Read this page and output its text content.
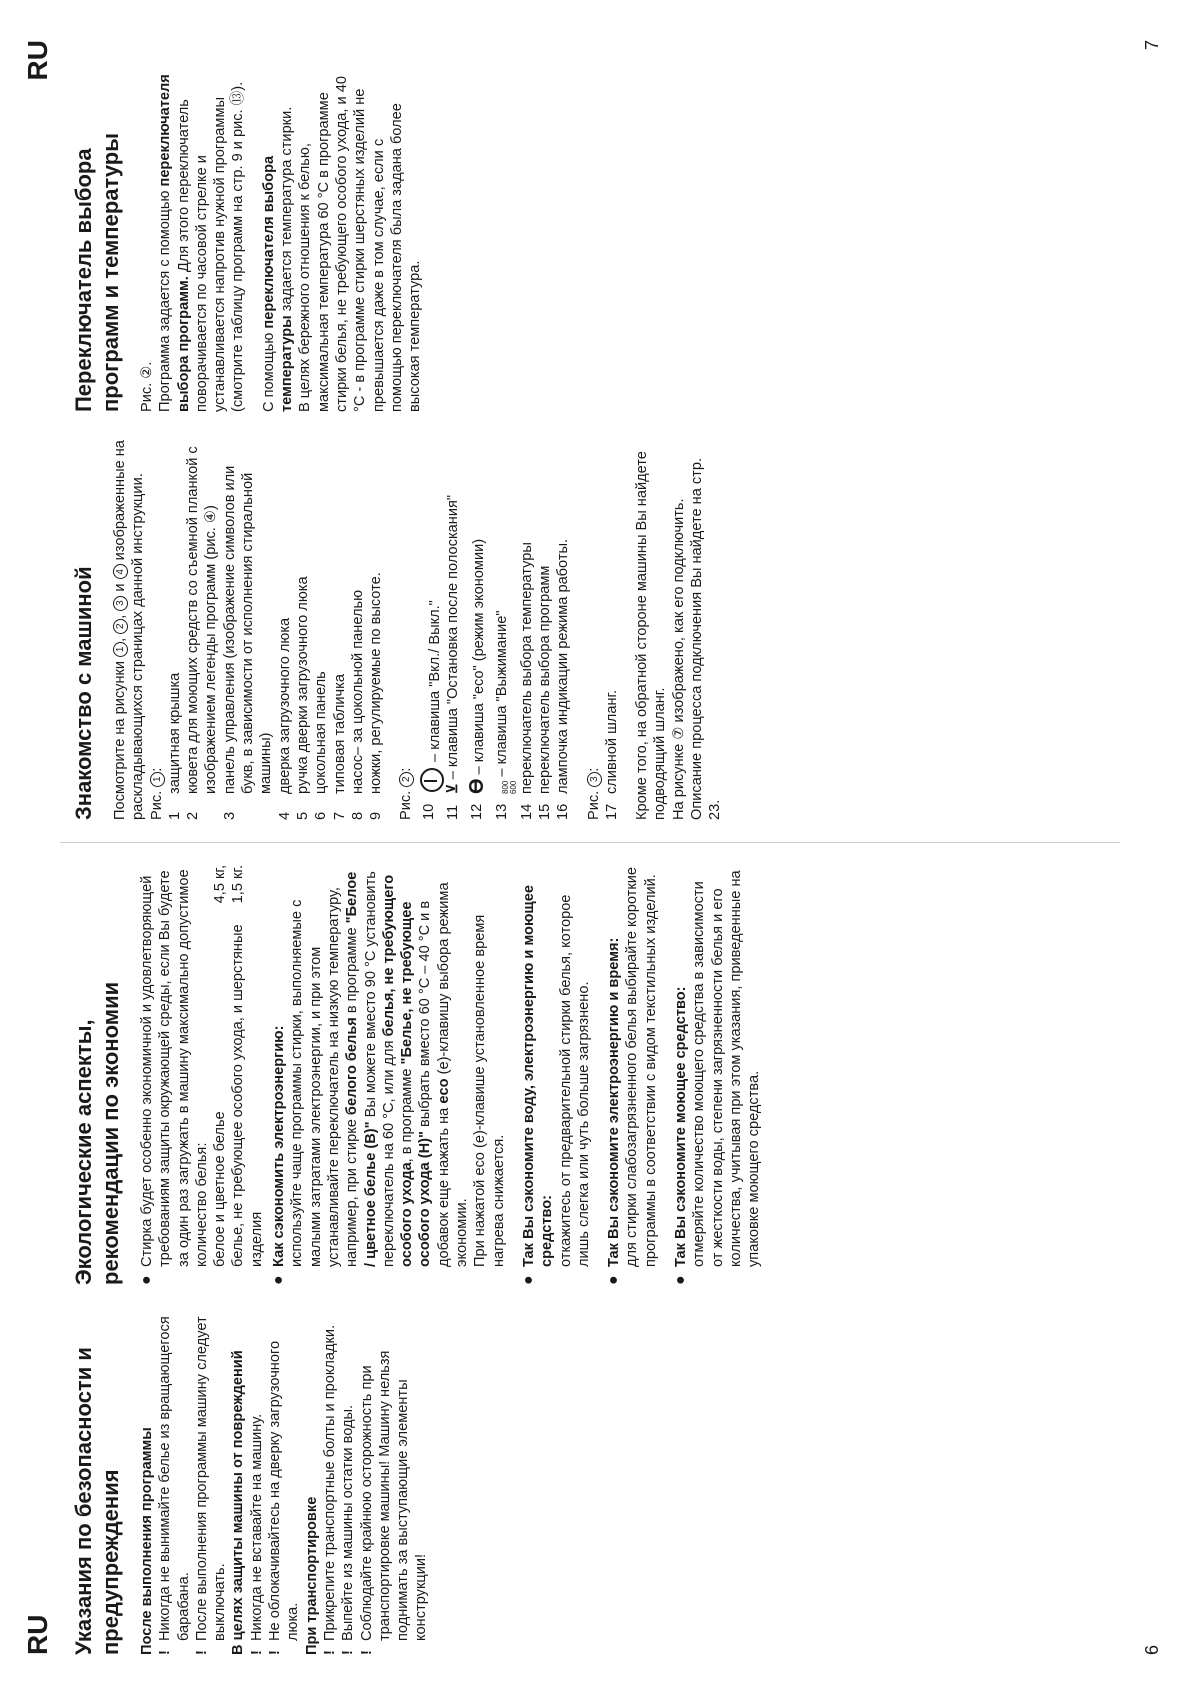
RU	6
Указания по безопасности и предупреждения После выполнения программы !
Никогда не вынимайте белье из вращающегося барабана.
!
После выполнения программы машину следует выключать. В целях защиты машины от повреждений !
Никогда не вставайте на машину.
!
Не облокачивайтесь на дверку загрузочного люка. При транспортировке !
Прикрепите транспортные болты и прокладки.
!
Выпейте из машины остатки воды.
!
Соблюдайте крайнюю осторожность при транспортировке машины! Машину нельзя поднимать за выступающие элементы конструкции!
Экологические аспекты, рекомендации по экономии ●

Стирка будет особенно экономичной и удовлетворяющей требованиям защиты окружающей среды, если Вы будете за один раз загружать в машину максимально допустимое количество белья: белое и цветное белье
4,5 кг,
белье, не требующее особого ухода, и шерстяные изделия
1,5 кг.
●

Как сэкономить электроэнергию: используйте чаще программы стирки, выполняемые с малыми затратами электроэнергии, и при этом устанавливайте переключатель на низкую температуру, например, при стирке белого белья в программе "Белое / цветное белье (B)" Вы можете вместо 90 °С установить переключатель на 60 °С, или для белья, не требующего особого ухода, в программе "Белье, не требующее особого ухода (H)" выбрать вместо 60 °С – 40 °С и в добавок еще нажать на eco (e)-клавишу выбора режима экономии. При нажатой eco (e)-клавише установленное время нагрева снижается.

●

Так Вы сэкономите воду, электроэнергию и моющее средство: откажитесь от предварительной стирки белья, которое лишь слегка или чуть больше загрязнено.

●

Так Вы сэкономите электроэнергию и время: для стирки слабозагрязненного белья выбирайте короткие программы в соответствии с видом текстильных изделий.

●

Так Вы сэкономите моющее средство: отмеряйте количество моющего средства в зависимости от жесткости воды, степени загрязненности белья и его количества, учитывая при этом указания, приведенные на упаковке моющего средства.

RU	7
Знакомство с машиной Посмотрите на рисунки 1, 2, 3 и 4 изображенные на раскладывающихся страницах данной инструкции. Рис. 1:

1
защитная крышка
2
кювета для моющих средств со съемной планкой с изображением легенды программ (рис. ④)
3
панель управления (изображение символов или букв, в зависимости от исполнения стиральной машины)
4
дверка загрузочного люка
5
ручка дверки загрузочного люка
6
цокольная панель
7
типовая табличка
8
насос– за цокольной панелью
9
ножки, регулируемые по высоте.

Рис. 2:

10
– клавиша "Вкл./ Выкл."
11
⊻ – клавиша "Остановка после полоскания"
12
ϴ – клавиша "eco" (режим экономии)
13
800 600
– клавиша "Выжимание"
14
переключатель выбора температуры
15
переключатель выбора программ
16
лампочка индикации режима работы.

Рис. 3:

17
сливной шланг. Кроме того, на обратной стороне машины Вы найдете подводящий шланг. На рисунке ⑦ изображено, как его подключить. Описание процесса подключения Вы найдете на стр. 23.

Переключатель выбора программ и температуры Рис. ②. Программа задается с помощью переключателя выбора программ. Для этого переключатель поворачивается по часовой стрелке и устанавливается напротив нужной программы (смотрите таблицу программ на стр. 9 и рис. ⑬). С помощью переключателя выбора температуры задается температура стирки. В целях бережного отношения к белью, максимальная температура 60 °С в программе стирки белья, не требующего особого ухода, и 40 °С - в программе стирки шерстяных изделий не превышается даже в том случае, если с помощью переключателя была задана более высокая температура.
